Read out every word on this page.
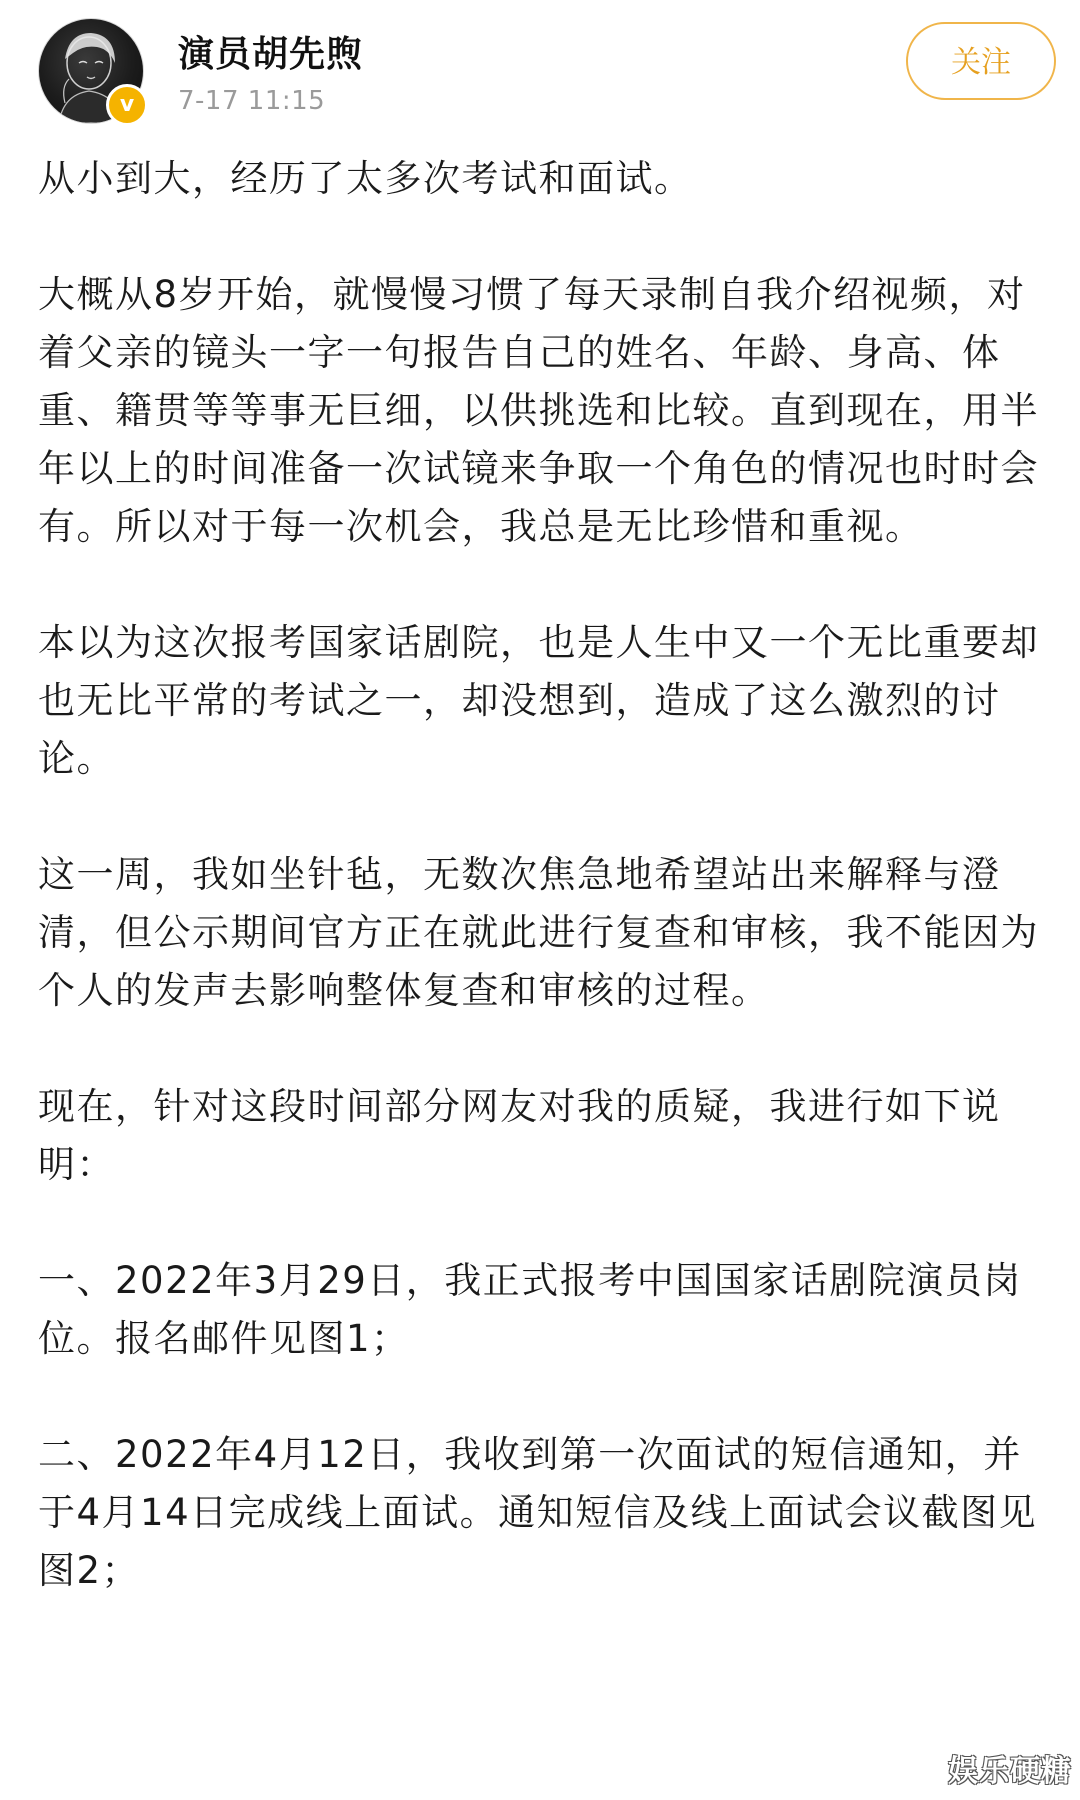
v
演员胡先煦
7-17 11:15
关注

从小到大，经历了太多次考试和面试。

大概从8岁开始，就慢慢习惯了每天录制自我介绍视频，对着父亲的镜头一字一句报告自己的姓名、年龄、身高、体重、籍贯等等事无巨细，以供挑选和比较。直到现在，用半年以上的时间准备一次试镜来争取一个角色的情况也时时会有。所以对于每一次机会，我总是无比珍惜和重视。

本以为这次报考国家话剧院，也是人生中又一个无比重要却也无比平常的考试之一，却没想到，造成了这么激烈的讨论。

这一周，我如坐针毡，无数次焦急地希望站出来解释与澄清，但公示期间官方正在就此进行复查和审核，我不能因为个人的发声去影响整体复查和审核的过程。

现在，针对这段时间部分网友对我的质疑，我进行如下说明：

一、2022年3月29日，我正式报考中国国家话剧院演员岗位。报名邮件见图1；

二、2022年4月12日，我收到第一次面试的短信通知，并于4月14日完成线上面试。通知短信及线上面试会议截图见图2；

娱乐硬糖
